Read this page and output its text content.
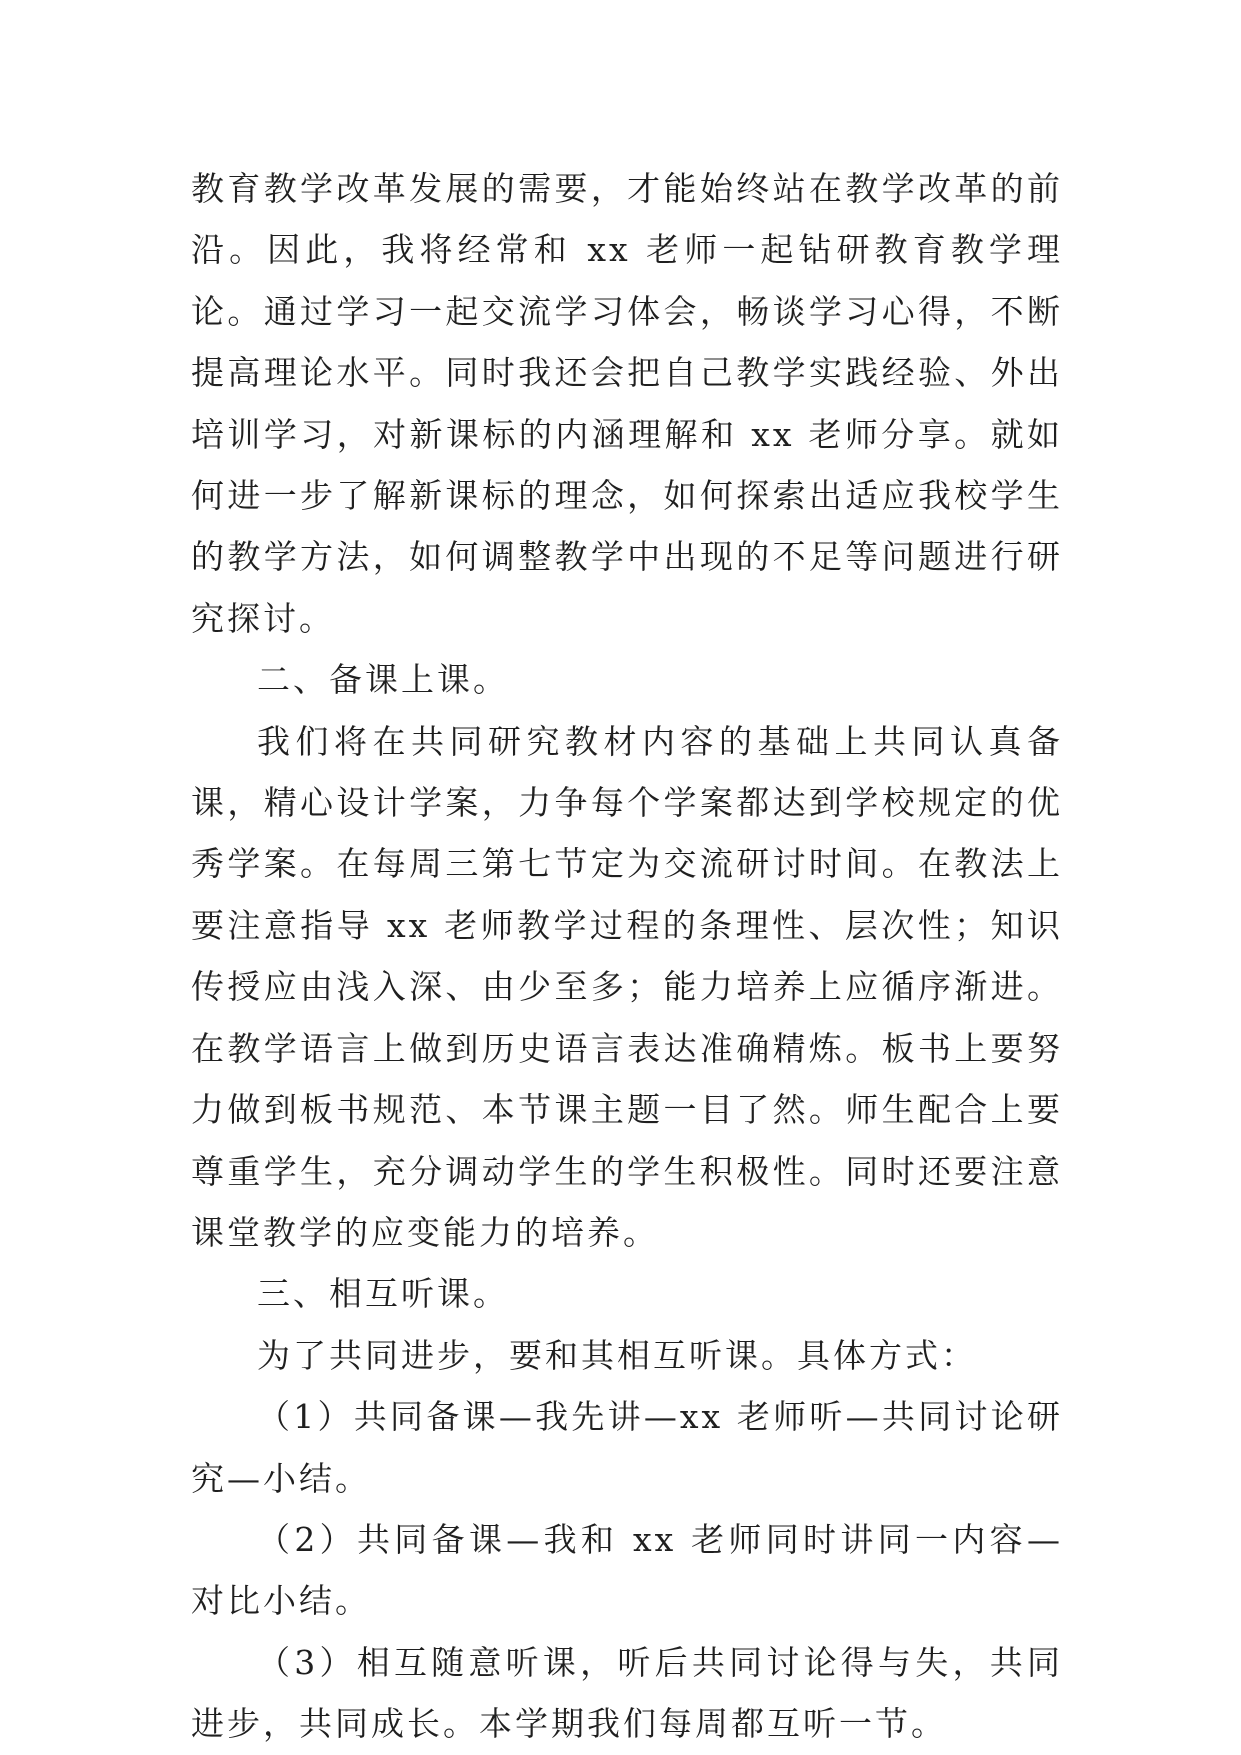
教育教学改革发展的需要，才能始终站在教学改革的前沿。因此，我将经常和 xx 老师一起钻研教育教学理论。通过学习一起交流学习体会，畅谈学习心得，不断提高理论水平。同时我还会把自己教学实践经验、外出培训学习，对新课标的内涵理解和 xx 老师分享。就如何进一步了解新课标的理念，如何探索出适应我校学生的教学方法，如何调整教学中出现的不足等问题进行研究探讨。

二、备课上课。

我们将在共同研究教材内容的基础上共同认真备课，精心设计学案，力争每个学案都达到学校规定的优秀学案。在每周三第七节定为交流研讨时间。在教法上要注意指导 xx 老师教学过程的条理性、层次性；知识传授应由浅入深、由少至多；能力培养上应循序渐进。在教学语言上做到历史语言表达准确精炼。板书上要努力做到板书规范、本节课主题一目了然。师生配合上要尊重学生，充分调动学生的学生积极性。同时还要注意课堂教学的应变能力的培养。

三、相互听课。

为了共同进步，要和其相互听课。具体方式：

（1）共同备课—我先讲—xx 老师听—共同讨论研究—小结。

（2）共同备课—我和 xx 老师同时讲同一内容—对比小结。

（3）相互随意听课，听后共同讨论得与失，共同进步，共同成长。本学期我们每周都互听一节。
